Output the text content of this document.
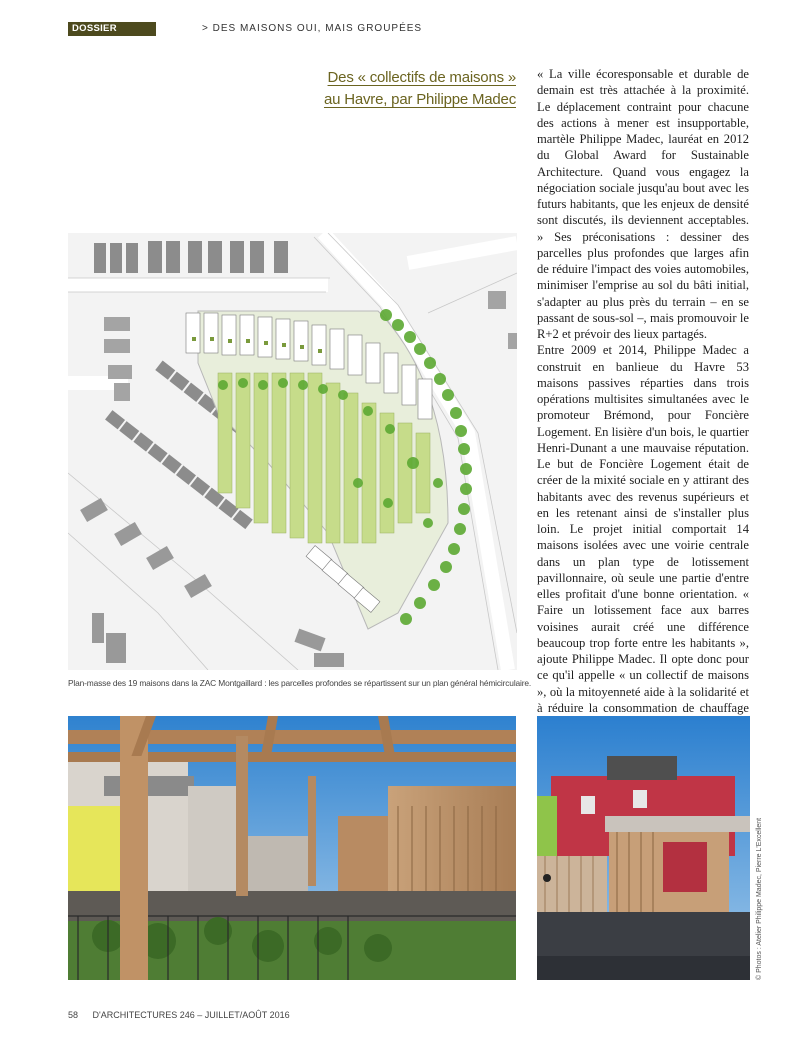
DOSSIER	> DES MAISONS OUI, MAIS GROUPÉES
Des « collectifs de maisons »
au Havre, par Philippe Madec

« La ville écoresponsable et durable de demain est très attachée à la proximité. Le déplacement contraint pour chacune des actions à mener est insupportable, martèle Philippe Madec, lauréat en 2012 du Global Award for Sustainable Architecture. Quand vous engagez la négociation sociale jusqu'au bout avec les futurs habitants, que les enjeux de densité sont discutés, ils deviennent acceptables. » Ses préconisations : dessiner des parcelles plus profondes que larges afin de réduire l'impact des voies automobiles, minimiser l'emprise au sol du bâti initial, s'adapter au plus près du terrain – en se passant de sous-sol –, mais promouvoir le R+2 et prévoir des lieux partagés.

Entre 2009 et 2014, Philippe Madec a construit en banlieue du Havre 53 maisons passives réparties dans trois opérations multisites simultanées avec le promoteur Brémond, pour Foncière Logement. En lisière d'un bois, le quartier Henri-Dunant a une mauvaise réputation. Le but de Foncière Logement était de créer de la mixité sociale en y attirant des habitants avec des revenus supérieurs et en les retenant ainsi de s'installer plus loin. Le projet initial comportait 14 maisons isolées avec une voirie centrale dans un plan type de lotissement pavillonnaire, où seule une partie d'entre elles profitait d'une bonne orientation. « Faire un lotissement face aux barres voisines aurait créé une différence beaucoup trop forte entre les habitants », ajoute Philippe Madec. Il opte donc pour ce qu'il appelle « un collectif de maisons », où la mitoyenneté aide à la solidarité et à réduire la consommation de chauffage

Plan-masse des 19 maisons dans la ZAC Montgaillard : les parcelles profondes se répartissent sur un plan général hémicirculaire.
© Photos : Atelier Philippe Madec, Pierre L'Excellent
58 D'ARCHITECTURES 246 – JUILLET/AOÛT 2016
